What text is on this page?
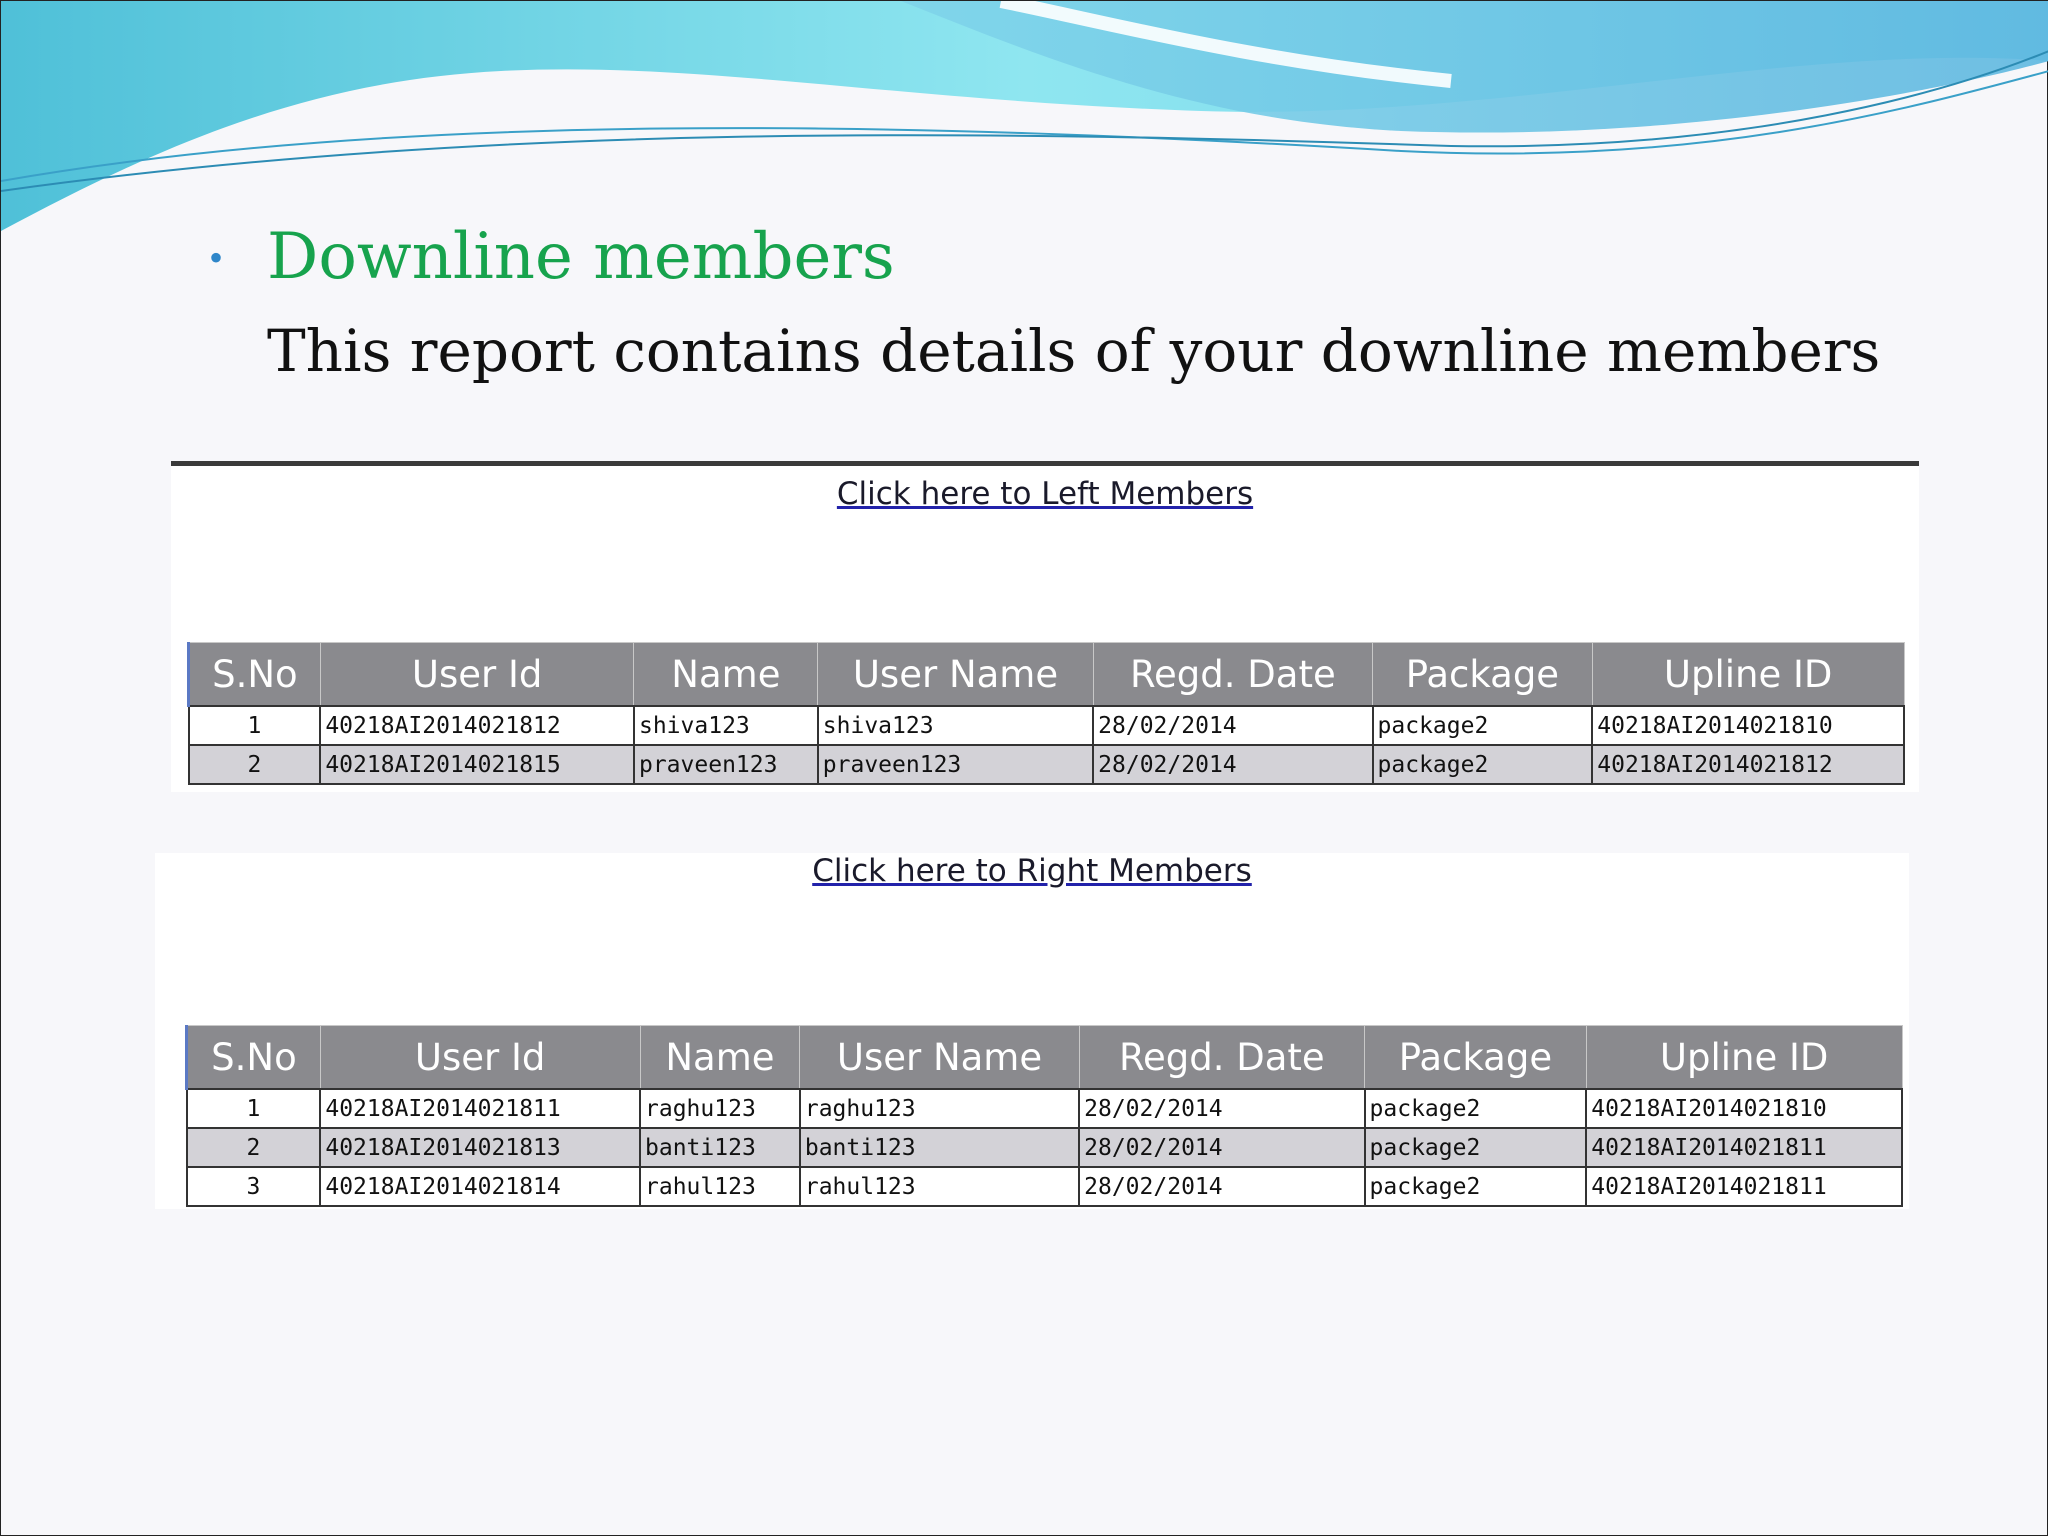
• Downline members
This report contains details of your downline members
Click here to Left Members
S.No	User Id	Name	User Name	Regd. Date	Package	Upline ID
1	40218AI2014021812	shiva123	shiva123	28/02/2014	package2	40218AI2014021810
2	40218AI2014021815	praveen123	praveen123	28/02/2014	package2	40218AI2014021812
Click here to Right Members
S.No	User Id	Name	User Name	Regd. Date	Package	Upline ID
1	40218AI2014021811	raghu123	raghu123	28/02/2014	package2	40218AI2014021810
2	40218AI2014021813	banti123	banti123	28/02/2014	package2	40218AI2014021811
3	40218AI2014021814	rahul123	rahul123	28/02/2014	package2	40218AI2014021811
